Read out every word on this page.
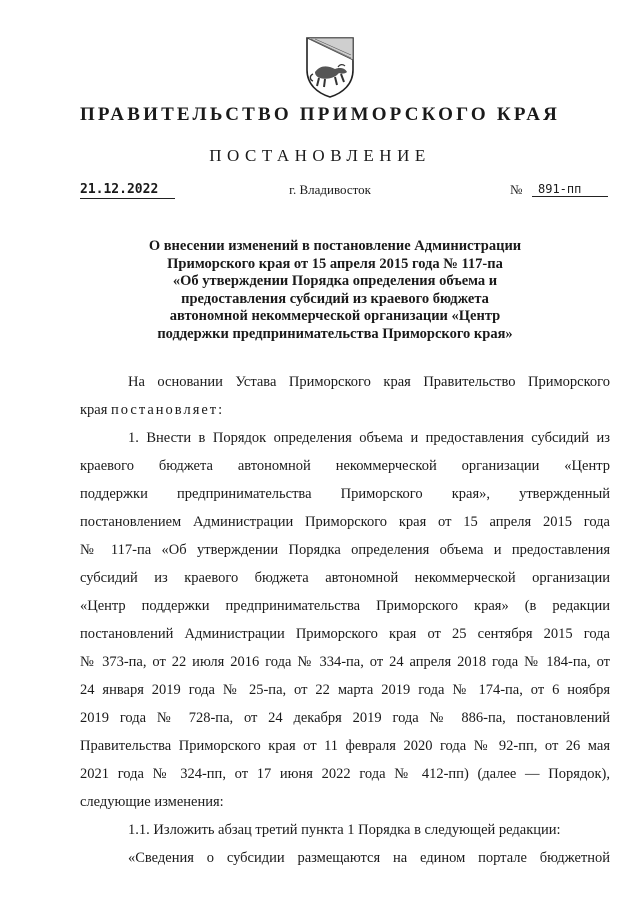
ПРАВИТЕЛЬСТВО ПРИМОРСКОГО КРАЯ
ПОСТАНОВЛЕНИЕ
21.12.2022	г. Владивосток	№	891-пп
О внесении изменений в постановление Администрации
Приморского края от 15 апреля 2015 года № 117-па
«Об утверждении Порядка определения объема и
предоставления субсидий из краевого бюджета
автономной некоммерческой организации «Центр
поддержки предпринимательства Приморского края»
На основании Устава Приморского края Правительство Приморского
края постановляет:
1. Внести в Порядок определения объема и предоставления субсидий из
краевого бюджета автономной некоммерческой организации «Центр
поддержки предпринимательства Приморского края», утвержденный
постановлением Администрации Приморского края от 15 апреля 2015 года
№ 117-па «Об утверждении Порядка определения объема и предоставления
субсидий из краевого бюджета автономной некоммерческой организации
«Центр поддержки предпринимательства Приморского края» (в редакции
постановлений Администрации Приморского края от 25 сентября 2015 года
№ 373-па, от 22 июля 2016 года № 334-па, от 24 апреля 2018 года № 184-па, от
24 января 2019 года № 25-па, от 22 марта 2019 года № 174-па, от 6 ноября
2019 года № 728-па, от 24 декабря 2019 года № 886-па, постановлений
Правительства Приморского края от 11 февраля 2020 года № 92-пп, от 26 мая
2021 года № 324-пп, от 17 июня 2022 года № 412-пп) (далее — Порядок),
следующие изменения:
1.1. Изложить абзац третий пункта 1 Порядка в следующей редакции:
«Сведения о субсидии размещаются на едином портале бюджетной
